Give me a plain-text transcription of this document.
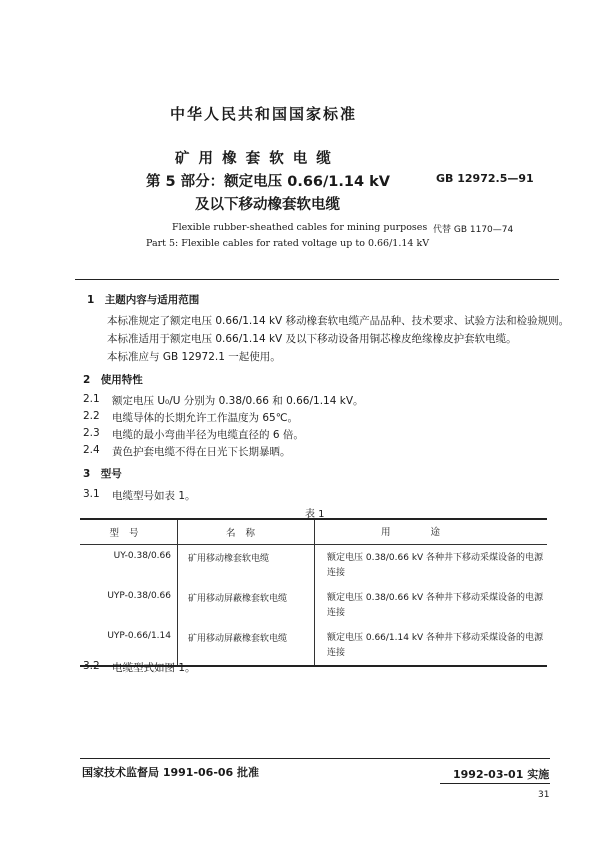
中华人民共和国国家标准
矿 用 橡 套 软 电 缆
第 5 部分：额定电压 0.66/1.14 kV
及以下移动橡套软电缆
GB 12972.5—91
代替 GB 1170—74
Flexible rubber-sheathed cables for mining purposes
Part 5: Flexible cables for rated voltage up to 0.66/1.14 kV
1　主题内容与适用范围
本标准规定了额定电压 0.66/1.14 kV 移动橡套软电缆产品品种、技术要求、试验方法和检验规则。
本标准适用于额定电压 0.66/1.14 kV 及以下移动设备用铜芯橡皮绝缘橡皮护套软电缆。
本标准应与 GB 12972.1 一起使用。
2　使用特性
2.1 额定电压 U₀/U 分别为 0.38/0.66 和 0.66/1.14 kV。
2.2 电缆导体的长期允许工作温度为 65℃。
2.3 电缆的最小弯曲半径为电缆直径的 6 倍。
2.4 黄色护套电缆不得在日光下长期暴晒。
3　型号
3.1 电缆型号如表 1。
表 1
型号	名称	用途
UY-0.38/0.66	矿用移动橡套软电缆	额定电压 0.38/0.66 kV 各种井下移动采煤设备的电源连接
UYP-0.38/0.66	矿用移动屏蔽橡套软电缆	额定电压 0.38/0.66 kV 各种井下移动采煤设备的电源连接
UYP-0.66/1.14	矿用移动屏蔽橡套软电缆	额定电压 0.66/1.14 kV 各种井下移动采煤设备的电源连接
3.2 电缆型式如图 1。
国家技术监督局 1991-06-06 批准	1992-03-01 实施
31
